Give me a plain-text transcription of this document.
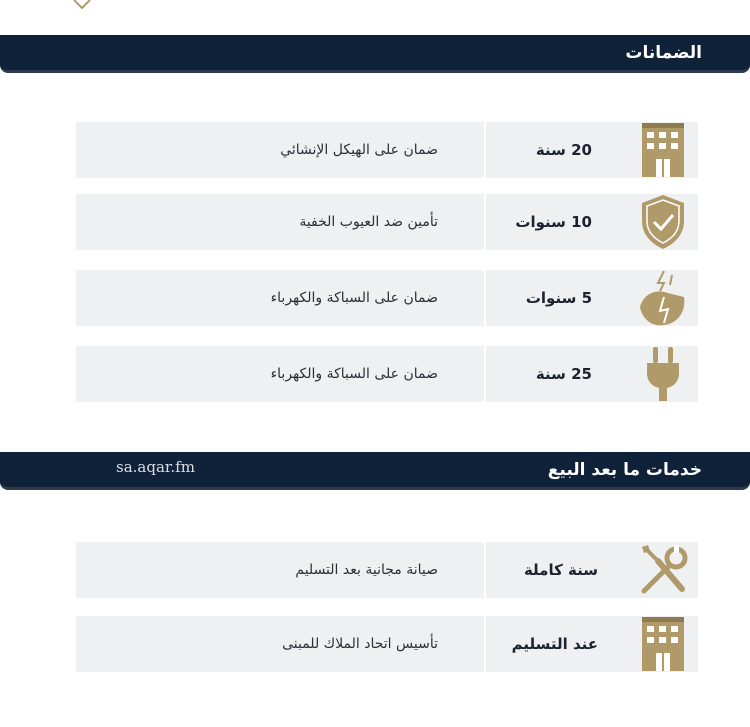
الضمانات
ضمان على الهيكل الإنشائي	20 سنة
تأمين ضد العيوب الخفية	10 سنوات
ضمان على السباكة والكهرباء	5 سنوات
ضمان على السباكة والكهرباء	25 سنة
خدمات ما بعد البيع
sa.aqar.fm
صيانة مجانية بعد التسليم	سنة كاملة
تأسيس اتحاد الملاك للمبنى	عند التسليم
